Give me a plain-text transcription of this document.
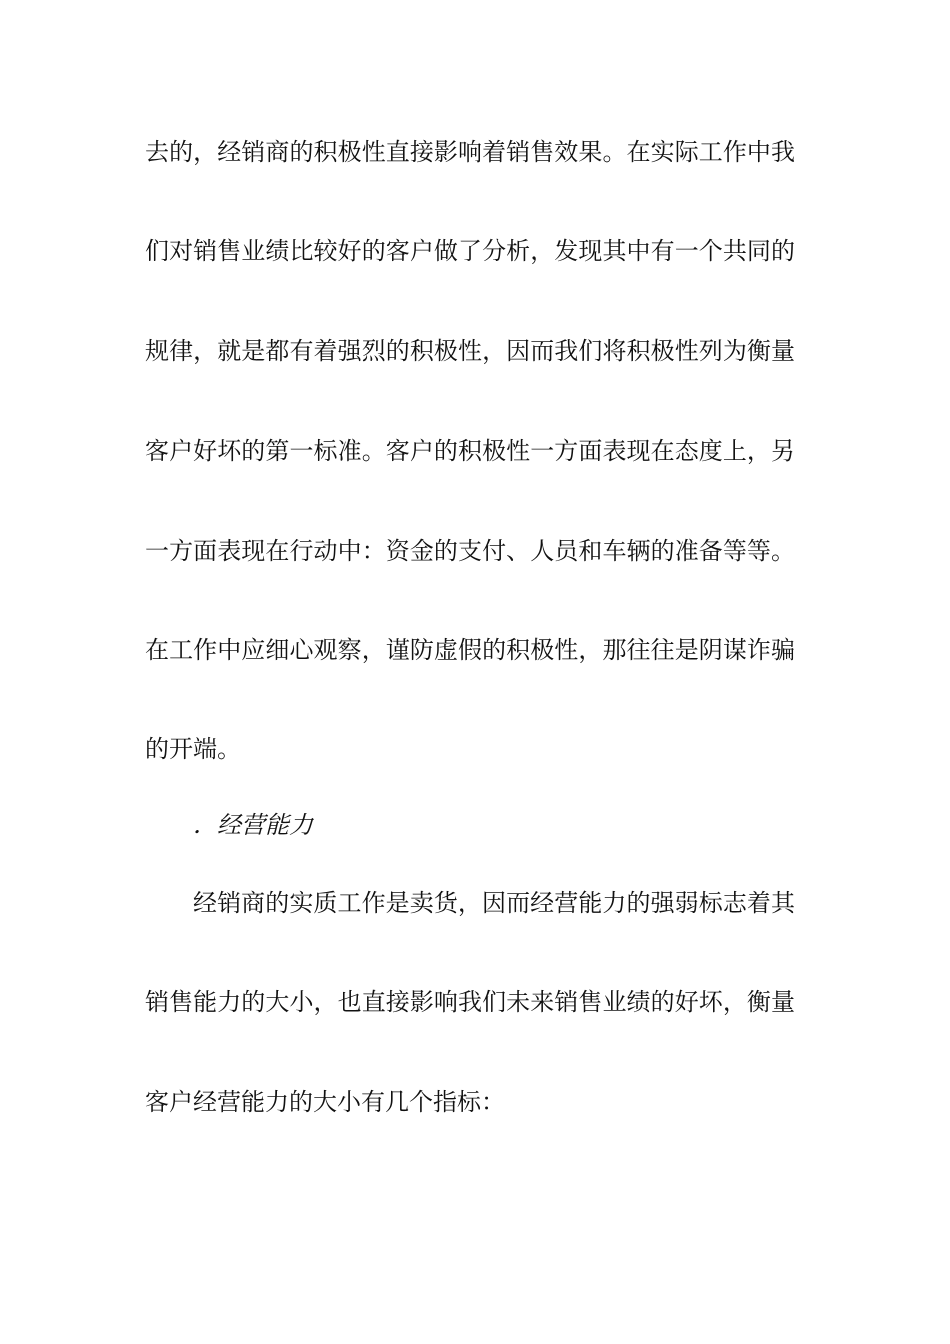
去的，经销商的积极性直接影响着销售效果。在实际工作中我
们对销售业绩比较好的客户做了分析，发现其中有一个共同的
规律，就是都有着强烈的积极性，因而我们将积极性列为衡量
客户好坏的第一标准。客户的积极性一方面表现在态度上，另
一方面表现在行动中：资金的支付、人员和车辆的准备等等。
在工作中应细心观察，谨防虚假的积极性，那往往是阴谋诈骗
的开端。
．经营能力
经销商的实质工作是卖货，因而经营能力的强弱标志着其
销售能力的大小，也直接影响我们未来销售业绩的好坏，衡量
客户经营能力的大小有几个指标：
